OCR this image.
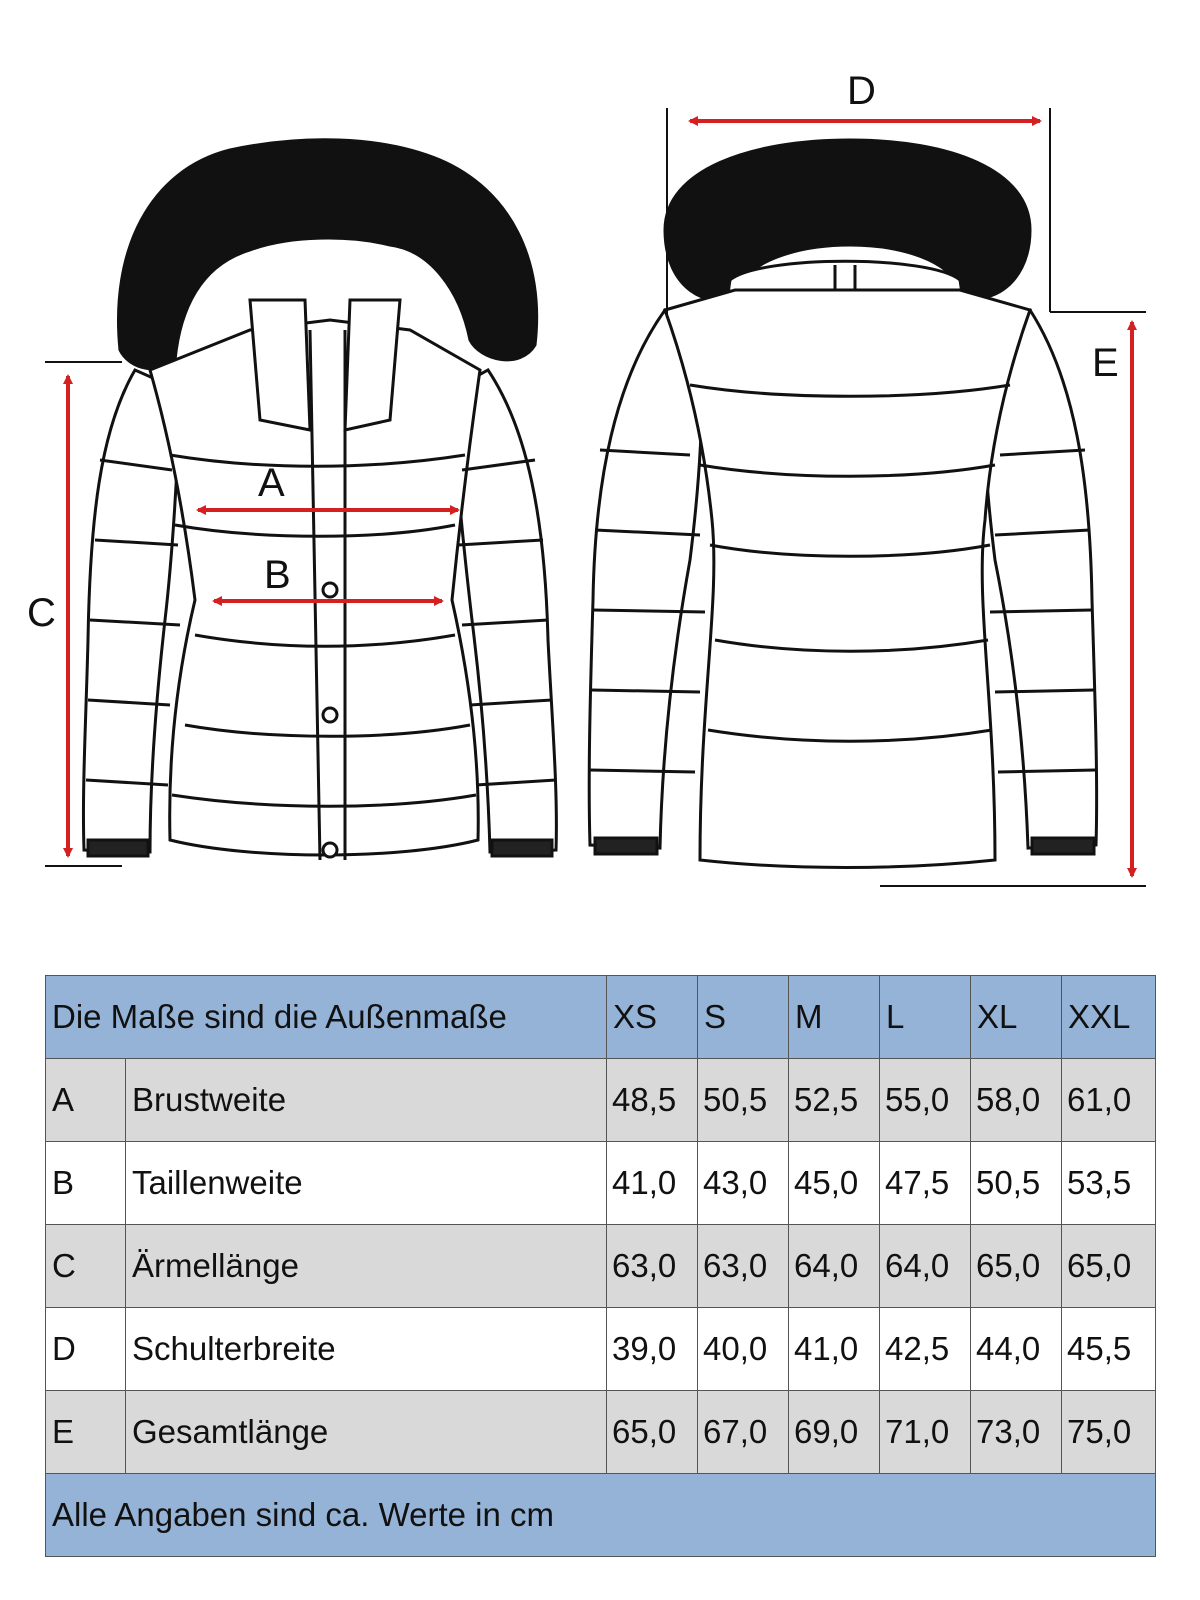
A
B
C
D
E
Die Maße sind die Außenmaße		XS	S	M	L	XL	XXL
A	Brustweite	48,5	50,5	52,5	55,0	58,0	61,0
B	Taillenweite	41,0	43,0	45,0	47,5	50,5	53,5
C	Ärmellänge	63,0	63,0	64,0	64,0	65,0	65,0
D	Schulterbreite	39,0	40,0	41,0	42,5	44,0	45,5
E	Gesamtlänge	65,0	67,0	69,0	71,0	73,0	75,0
Alle Angaben sind ca. Werte in cm							
